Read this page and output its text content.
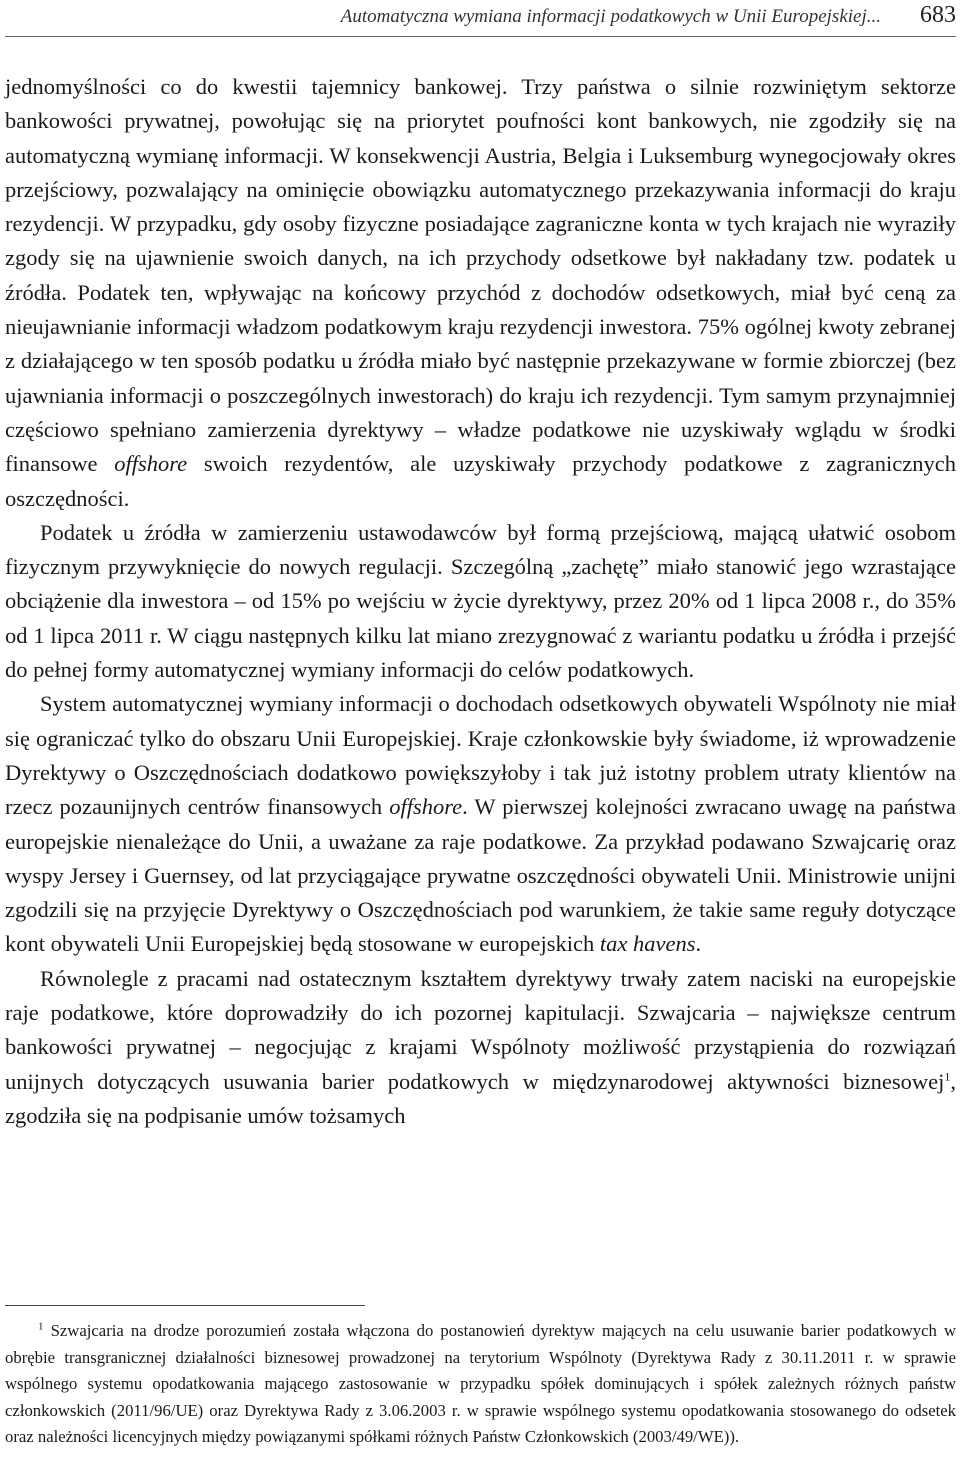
Automatyczna wymiana informacji podatkowych w Unii Europejskiej... 683

jednomyślności co do kwestii tajemnicy bankowej. Trzy państwa o silnie rozwiniętym sektorze bankowości prywatnej, powołując się na priorytet poufności kont bankowych, nie zgodziły się na automatyczną wymianę informacji. W konsekwencji Austria, Belgia i Luksemburg wynegocjowały okres przejściowy, pozwalający na ominięcie obowiązku automatycznego przekazywania informacji do kraju rezydencji. W przypadku, gdy osoby fizyczne posiadające zagraniczne konta w tych krajach nie wyraziły zgody się na ujawnienie swoich danych, na ich przychody odsetkowe był nakładany tzw. podatek u źródła. Podatek ten, wpływając na końcowy przychód z dochodów odsetkowych, miał być ceną za nieujawnianie informacji władzom podatkowym kraju rezydencji inwestora. 75% ogólnej kwoty zebranej z działającego w ten sposób podatku u źródła miało być następnie przekazywane w formie zbiorczej (bez ujawniania informacji o poszczególnych inwestorach) do kraju ich rezydencji. Tym samym przynajmniej częściowo spełniano zamierzenia dyrektywy – władze podatkowe nie uzyskiwały wglądu w środki finansowe offshore swoich rezydentów, ale uzyskiwały przychody podatkowe z zagranicznych oszczędności.

Podatek u źródła w zamierzeniu ustawodawców był formą przejściową, mającą ułatwić osobom fizycznym przywyknięcie do nowych regulacji. Szczególną „zachętę” miało stanowić jego wzrastające obciążenie dla inwestora – od 15% po wejściu w życie dyrektywy, przez 20% od 1 lipca 2008 r., do 35% od 1 lipca 2011 r. W ciągu następnych kilku lat miano zrezygnować z wariantu podatku u źródła i przejść do pełnej formy automatycznej wymiany informacji do celów podatkowych.

System automatycznej wymiany informacji o dochodach odsetkowych obywateli Wspólnoty nie miał się ograniczać tylko do obszaru Unii Europejskiej. Kraje członkowskie były świadome, iż wprowadzenie Dyrektywy o Oszczędnościach dodatkowo powiększyłoby i tak już istotny problem utraty klientów na rzecz pozaunijnych centrów finansowych offshore. W pierwszej kolejności zwracano uwagę na państwa europejskie nienależące do Unii, a uważane za raje podatkowe. Za przykład podawano Szwajcarię oraz wyspy Jersey i Guernsey, od lat przyciągające prywatne oszczędności obywateli Unii. Ministrowie unijni zgodzili się na przyjęcie Dyrektywy o Oszczędnościach pod warunkiem, że takie same reguły dotyczące kont obywateli Unii Europejskiej będą stosowane w europejskich tax havens.

Równolegle z pracami nad ostatecznym kształtem dyrektywy trwały zatem naciski na europejskie raje podatkowe, które doprowadziły do ich pozornej kapitulacji. Szwajcaria – największe centrum bankowości prywatnej – negocjując z krajami Wspólnoty możliwość przystąpienia do rozwiązań unijnych dotyczących usuwania barier podatkowych w międzynarodowej aktywności biznesowej$^1$, zgodziła się na podpisanie umów tożsamych

$^1$ Szwajcaria na drodze porozumień została włączona do postanowień dyrektyw mających na celu usuwanie barier podatkowych w obrębie transgranicznej działalności biznesowej prowadzonej na terytorium Wspólnoty (Dyrektywa Rady z 30.11.2011 r. w sprawie wspólnego systemu opodatkowania mającego zastosowanie w przypadku spółek dominujących i spółek zależnych różnych państw członkowskich (2011/96/UE) oraz Dyrektywa Rady z 3.06.2003 r. w sprawie wspólnego systemu opodatkowania stosowanego do odsetek oraz należności licencyjnych między powiązanymi spółkami różnych Państw Członkowskich (2003/49/WE)).
